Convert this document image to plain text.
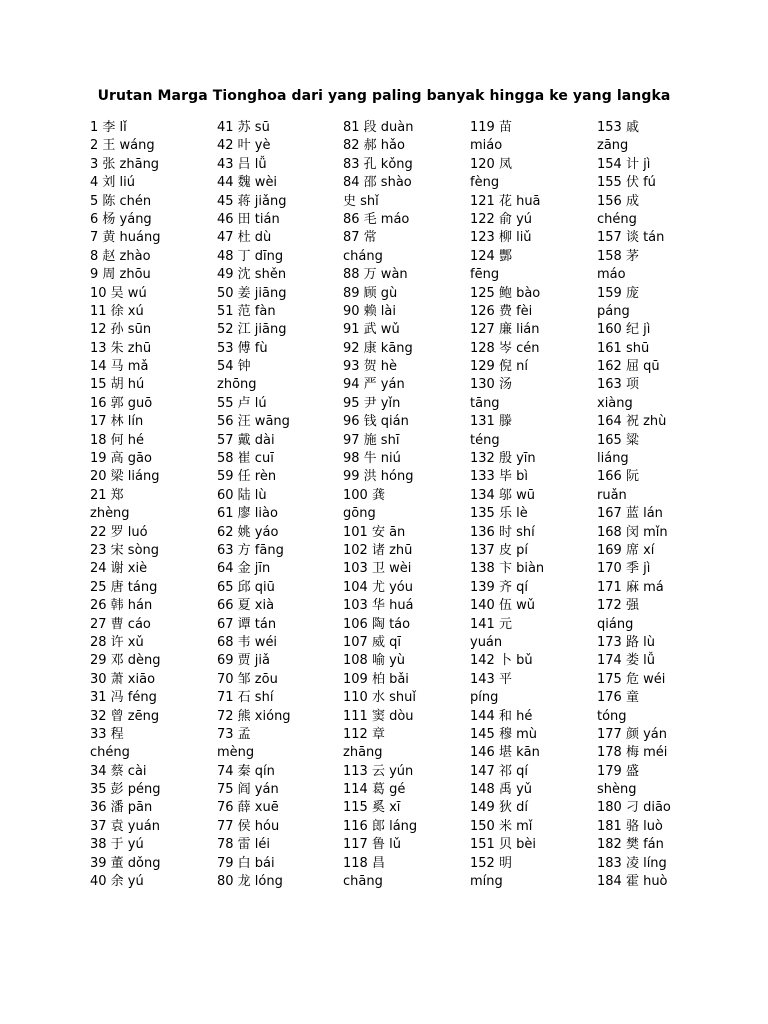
Urutan Marga Tionghoa dari yang paling banyak hingga ke yang langka
1 李 lǐ
2 王 wáng
3 张 zhāng
4 刘 liú
5 陈 chén
6 杨 yáng
7 黄 huáng
8 赵 zhào
9 周 zhōu
10 吴 wú
11 徐 xú
12 孙 sūn
13 朱 zhū
14 马 mǎ
15 胡 hú
16 郭 guō
17 林 lín
18 何 hé
19 高 gāo
20 梁 liáng
21 郑
zhèng
22 罗 luó
23 宋 sòng
24 谢 xiè
25 唐 táng
26 韩 hán
27 曹 cáo
28 许 xǔ
29 邓 dèng
30 萧 xiāo
31 冯 féng
32 曾 zēng
33 程
chéng
34 蔡 cài
35 彭 péng
36 潘 pān
37 袁 yuán
38 于 yú
39 董 dǒng
40 余 yú
41 苏 sū
42 叶 yè
43 吕 lǚ
44 魏 wèi
45 蒋 jiǎng
46 田 tián
47 杜 dù
48 丁 dīng
49 沈 shěn
50 姜 jiāng
51 范 fàn
52 江 jiāng
53 傅 fù
54 钟
zhōng
55 卢 lú
56 汪 wāng
57 戴 dài
58 崔 cuī
59 任 rèn
60 陆 lù
61 廖 liào
62 姚 yáo
63 方 fāng
64 金 jīn
65 邱 qiū
66 夏 xià
67 谭 tán
68 韦 wéi
69 贾 jiǎ
70 邹 zōu
71 石 shí
72 熊 xióng
73 孟
mèng
74 秦 qín
75 阎 yán
76 薛 xuē
77 侯 hóu
78 雷 léi
79 白 bái
80 龙 lóng
81 段 duàn
82 郝 hǎo
83 孔 kǒng
84 邵 shào
史 shǐ
86 毛 máo
87 常
cháng
88 万 wàn
89 顾 gù
90 赖 lài
91 武 wǔ
92 康 kāng
93 贺 hè
94 严 yán
95 尹 yǐn
96 钱 qián
97 施 shī
98 牛 niú
99 洪 hóng
100 龚
gōng
101 安 ān
102 诸 zhū
103 卫 wèi
104 尤 yóu
103 华 huá
106 陶 táo
107 威 qī
108 喻 yù
109 柏 bǎi
110 水 shuǐ
111 窦 dòu
112 章
zhāng
113 云 yún
114 葛 gé
115 奚 xī
116 郎 láng
117 鲁 lǔ
118 昌
chāng
119 苗
miáo
120 凤
fèng
121 花 huā
122 俞 yú
123 柳 liǔ
124 酆
fēng
125 鲍 bào
126 费 fèi
127 廉 lián
128 岑 cén
129 倪 ní
130 汤
tāng
131 滕
téng
132 殷 yīn
133 毕 bì
134 邬 wū
135 乐 lè
136 时 shí
137 皮 pí
138 卞 biàn
139 齐 qí
140 伍 wǔ
141 元
yuán
142 卜 bǔ
143 平
píng
144 和 hé
145 穆 mù
146 堪 kān
147 祁 qí
148 禹 yǔ
149 狄 dí
150 米 mǐ
151 贝 bèi
152 明
míng
153 戚
zāng
154 计 jì
155 伏 fú
156 成
chéng
157 谈 tán
158 茅
máo
159 庞
páng
160 纪 jì
161 shū
162 屈 qū
163 项
xiàng
164 祝 zhù
165 粱
liáng
166 阮
ruǎn
167 蓝 lán
168 闵 mǐn
169 席 xí
170 季 jì
171 麻 má
172 强
qiáng
173 路 lù
174 娄 lǚ
175 危 wéi
176 童
tóng
177 颜 yán
178 梅 méi
179 盛
shèng
180 刁 diāo
181 骆 luò
182 樊 fán
183 凌 líng
184 霍 huò
